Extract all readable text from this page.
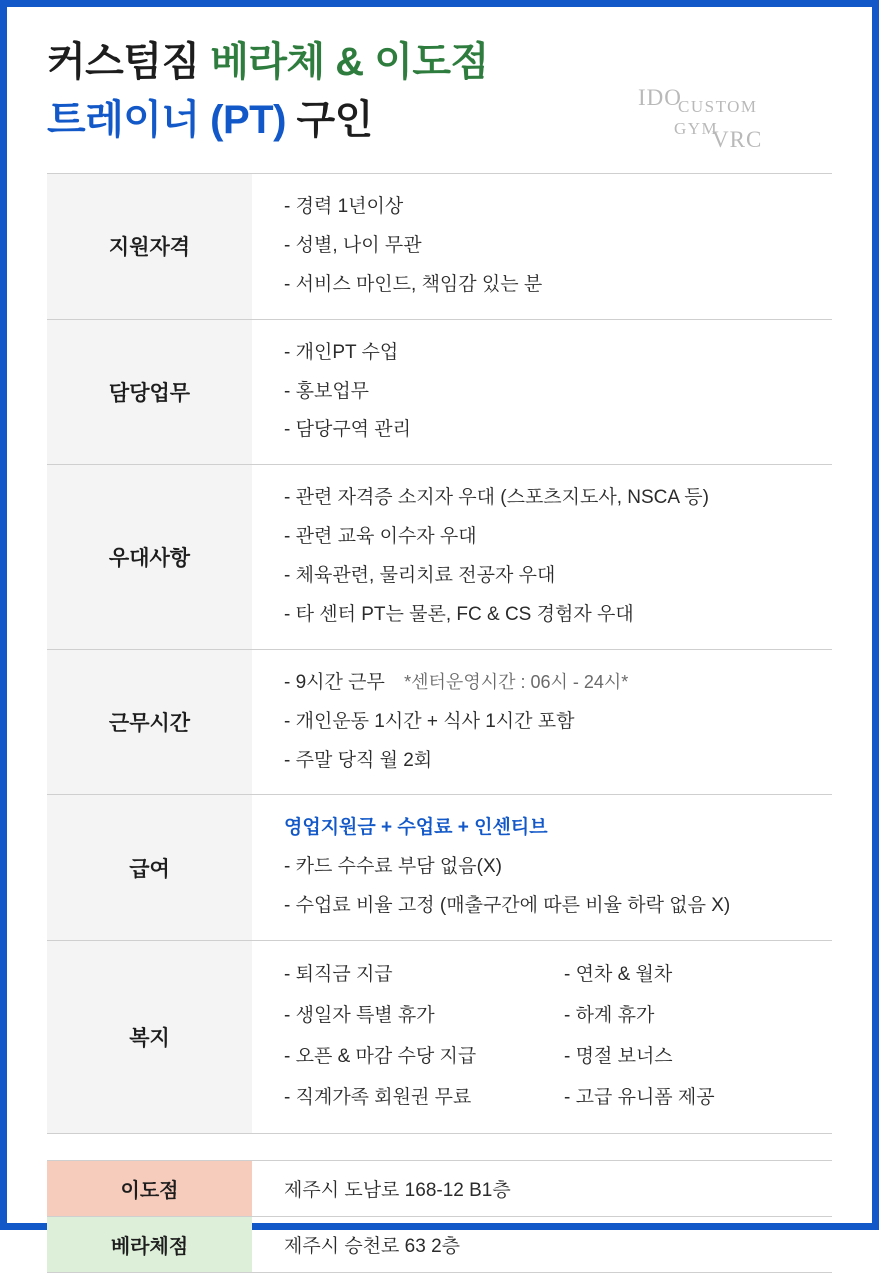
커스텀짐 베라체 & 이도점
트레이너 (PT) 구인
IDO
CUSTOM
GYM
VRC
지원자격	- 경력 1년이상
- 성별, 나이 무관
- 서비스 마인드, 책임감 있는 분

담당업무	- 개인PT 수업
- 홍보업무
- 담당구역 관리

우대사항	- 관련 자격증 소지자 우대 (스포츠지도사, NSCA 등)
- 관련 교육 이수자 우대
- 체육관련, 물리치료 전공자 우대
- 타 센터 PT는 물론, FC & CS 경험자 우대

근무시간	- 9시간 근무 *센터운영시간 : 06시 - 24시*
- 개인운동 1시간 + 식사 1시간 포함
- 주말 당직 월 2회

급여	영업지원금 + 수업료 + 인센티브
- 카드 수수료 부담 없음(X)
- 수업료 비율 고정 (매출구간에 따른 비율 하락 없음 X)

복지	
- 퇴직금 지급	- 연차 & 월차
- 생일자 특별 휴가	- 하계 휴가
- 오픈 & 마감 수당 지급	- 명절 보너스
- 직계가족 회원권 무료	- 고급 유니폼 제공
이도점	제주시 도남로 168-12 B1층
베라체점	제주시 승천로 63 2층
